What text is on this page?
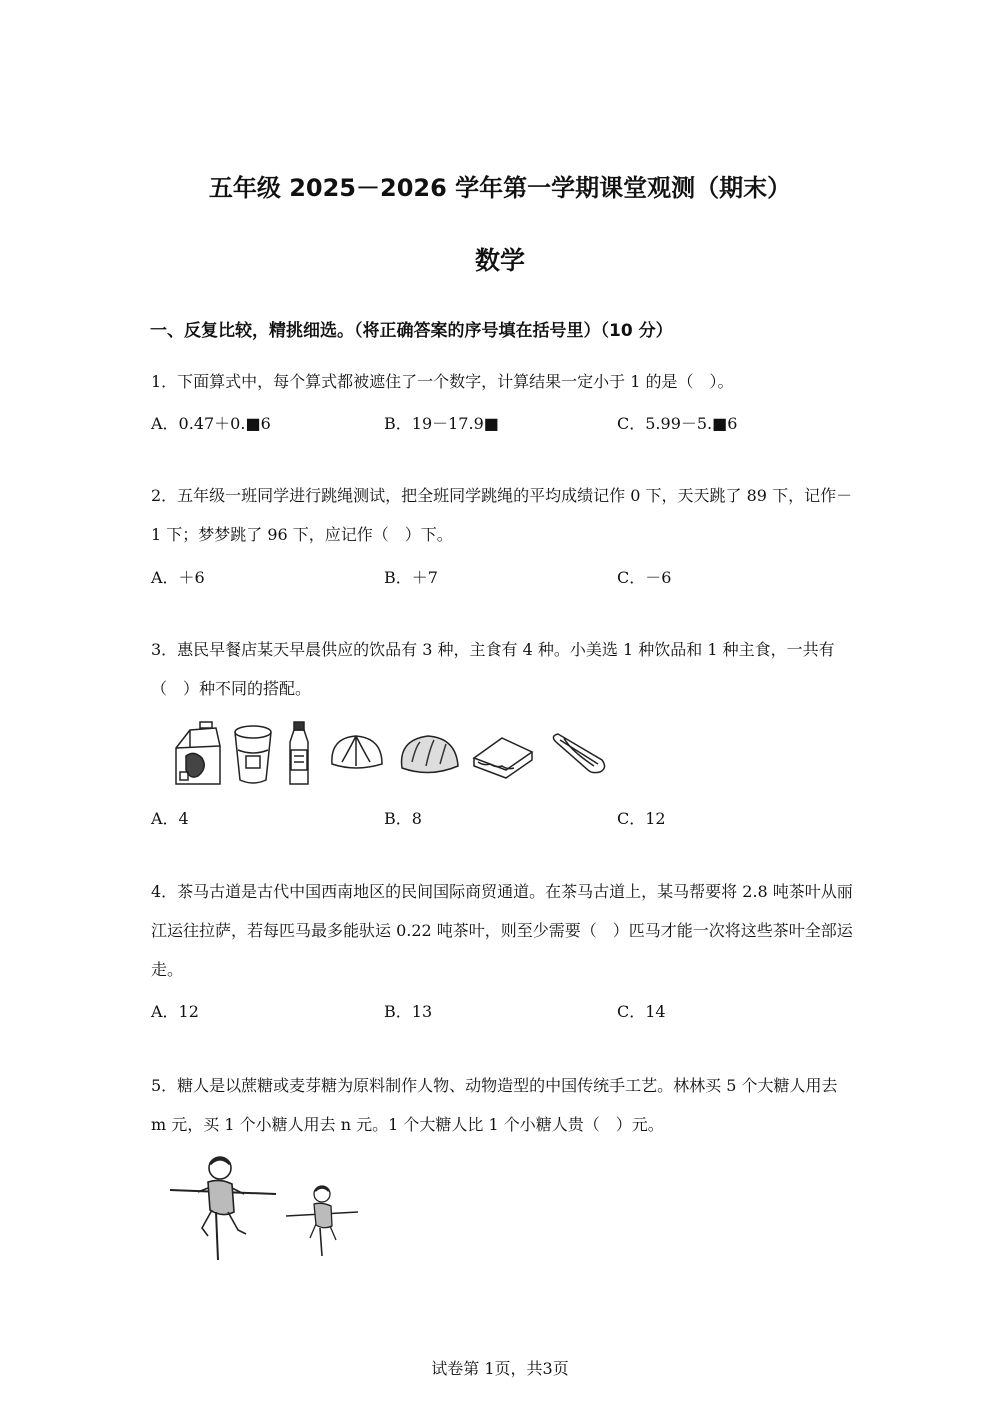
五年级 2025－2026 学年第一学期课堂观测（期末）
数学
一、反复比较，精挑细选。（将正确答案的序号填在括号里）（10 分）
1．下面算式中，每个算式都被遮住了一个数字，计算结果一定小于 1 的是（　）。
A．0.47＋0.■6	B．19－17.9■	C．5.99－5.■6
2．五年级一班同学进行跳绳测试，把全班同学跳绳的平均成绩记作 0 下，天天跳了 89 下，记作－1 下；梦梦跳了 96 下，应记作（　）下。
A．＋6	B．＋7	C．－6
3．惠民早餐店某天早晨供应的饮品有 3 种，主食有 4 种。小美选 1 种饮品和 1 种主食，一共有（　）种不同的搭配。
A．4	B．8	C．12
4．茶马古道是古代中国西南地区的民间国际商贸通道。在茶马古道上，某马帮要将 2.8 吨茶叶从丽江运往拉萨，若每匹马最多能驮运 0.22 吨茶叶，则至少需要（　）匹马才能一次将这些茶叶全部运走。
A．12	B．13	C．14
5．糖人是以蔗糖或麦芽糖为原料制作人物、动物造型的中国传统手工艺。林林买 5 个大糖人用去 m 元，买 1 个小糖人用去 n 元。1 个大糖人比 1 个小糖人贵（　）元。
试卷第 1页，共3页
